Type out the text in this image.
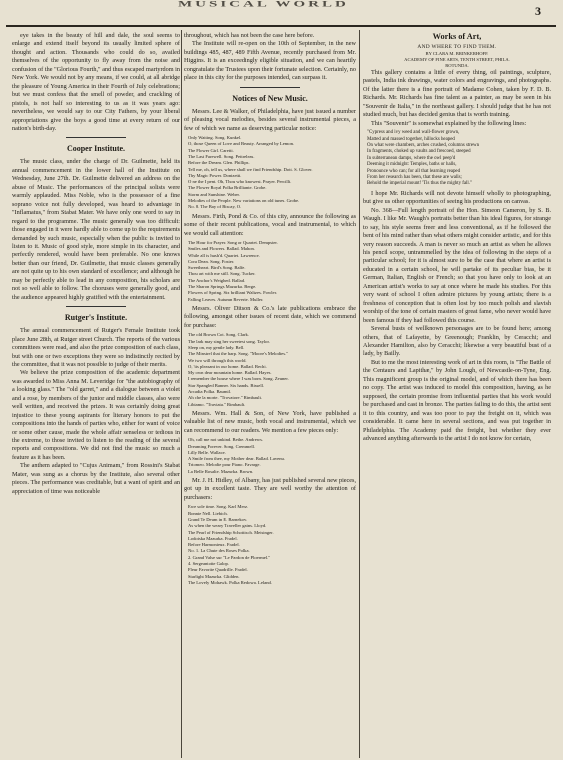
MUSICAL WORLD	3

eye takes in the beauty of hill and dale, the soul seems to enlarge and extend itself beyond its usually limited sphere of thought and action. Thousands who could do so, availed themselves of the opportunity to fly away from the noise and confusion of the "Glorious Fourth," and thus escaped martyrdom in New York. We would not by any means, if we could, at all abridge the pleasure of Young America in their Fourth of July celebrations; but we must confess that the smell of powder, and crackling of pistols, is not half so interesting to us as it was years ago: nevertheless, we would say to our City Fathers, by your liberal appropriations give the boys a good time at every return of our nation's birth-day.

Cooper Institute.

The music class, under the charge of Dr. Guilmette, held its annual commencement in the lower hall of the Institute on Wednesday, June 27th. Dr. Guilmette delivered an address on the abuse of Music. The performances of the principal solists were warmly applauded. Miss Noble, who is the possessor of a fine soprano voice not fully developed, was heard to advantage in "Inflamatus," from Stabat Mater. We have only one word to say in regard to the programme. The music generally was too difficult: those engaged in it were hardly able to come up to the requirements demanded by such music, especially when the public is invited to listen to it. Music of good style, more simple in its character, and perfectly rendered, would have been preferable. No one knows better than our friend, Dr. Guilmette, that music classes generally are not quite up to his own standard of excellence; and although he may be perfectly able to lead in any composition, his scholars are not so well able to follow. The choruses were generally good, and the audience appeared highly gratified with the entertainment.

Rutger's Institute.

The annual commencement of Rutger's Female Institute took place June 28th, at Rutger street Church. The reports of the various committees were read, and also the prize composition of each class, but with one or two exceptions they were so indistinctly recited by the committee, that it was not possible to judge of their merits.

We believe the prize composition of the academic department was awarded to Miss Anna M. Leveridge for "the autobiography of a looking glass." The "old garret," and a dialogue between a violet and a rose, by members of the junior and middle classes, also were well written, and received the prizes. It was certainly doing great injustice to these young aspirants for literary honors to put the compositions into the hands of parties who, either for want of voice or some other cause, made the whole affair senseless or tedious in the extreme, to those invited to listen to the reading of the several reports and compositions. We did not find the music so much a feature as it has been.

The anthem adapted to "Cujus Animam," from Rossini's Stabat Mater, was sung as a chorus by the Institute, also several other pieces. The performance was creditable, but a want of spirit and an appreciation of time was noticeable

throughout, which has not been the case here before.

The Institute will re-open on the 10th of September, in the new buildings 485, 487, 489 Fifth Avenue, recently purchased from Mr. Higgins. It is an exceedingly eligible situation, and we can heartily congratulate the Trustees upon their fortunate selection. Certainly, no place in this city for the purposes intended, can surpass it.

Notices of New Music.

Messrs. Lee & Walker, of Philadelphia, have just issued a number of pleasing vocal melodies, besides several instrumental pieces, a few of which we name as deserving particular notice:

Only Waiting. Song. Kunkel.
O, those Queen of Love and Beauty. Arranged by Lemon.
The Flower Girl. Caretti.
The Last Farewell. Song. Pettreleas.
Before the Dream. Glen. Phillips.
Tell me, oh, tell us, where shall we find Friendship. Dott. S. Glover.
Thy Magic Power. Donizetti.
O ne the I pent. Oh, Thou who knowest. Prayer. Percilli.
The Flower Royal Polka Brilliante. Grobe.
Storm and Sunshine. Weber.
Melodies of the People. New variations on old tunes. Grobe.
No. 8. The Bay of Biscay, O.

Messrs. Firth, Pond & Co. of this city, announce the following as some of their recent publications, vocal and instrumental, to which we would call attention:

The Hour for Prayer. Song or Quartet. Dempster.
Smiles and Flowers. Ballad. Mahon.
While all is hush'd. Quartet. Lawrence.
Cora Dean. Song. Foster.
Sweetheart. Bird's Song. Balfe.
Thou art with me still. Song. Tucker.
The Anchor's Weighed. Ballad.
The Sharon Springs Mazurka. Berge.
Flowers of Spring. Six brilliant Waltzes. Fowler.
Falling Leaves. Autumn Reverie. Muller.

Messrs. Oliver Ditson & Co.'s late publications embrace the following, amongst other issues of recent date, which we commend for purchase:

The old Brown Cot. Song. Clark.
The lark may sing her sweetest song. Taylor.
Sleep on, my gentle lady. Bell.
The Minstrel that the harp. Song. "Moore's Melodies."
We two will through this world.
O, 'tis pleasant in our home. Ballad. Bechi.
My own dear mountain home. Ballad. Hayes.
I remember the house where I was born. Song. Zeuner.
Star Spangled Banner. Six hands. Bissell.
Arcadia Polka. Baumil.
Ah che la morte. "Trovatore." Rimbault.
Libiamo. "Traviata." Rimbault.

Messrs. Wm. Hall & Son, of New York, have published a valuable list of new music, both vocal and instrumental, which we can recommend to our readers. We mention a few pieces only:

Oh, call me not unkind. Bethe. Andrews.
Dreaming Forever. Song. Cremmell.
Lilly Belle. Wallace.
A Smile from thee, my Mother dear. Ballad. Lavenu.
Triomeo. Melodie pour Piano. Favarge.
La Belle Rosalie. Mazurka. Brown.

Mr. J. H. Hidley, of Albany, has just published several new pieces, got up in excellent taste. They are well worthy the attention of purchasers:

Ewe sole time. Song. Karl Merz.
Bonnie Nell. Liebich.
Grand Te Deum in E. Barnekov.
As when the weary Traveller gains. Lloyd.
The Pearl of Friendship Schottisch. Meisinger.
Lodoiska Mazurka. Fradel.
Before Harmonieux. Fradel.
No. 1. La Chute des Roses Polka.
2. Grand Valse sur "Le Pardon de Ploermel."
4. Sergeantotte Galop.
Fleur Favorite Quadrille. Fradel.
Starlight Mazurka. Glidden.
The Lovely Mohawk. Polka Redowa. Leland.
Works of Art,
AND WHERE TO FIND THEM.
BY CLARA M. BRINKERHOFF.
ACADEMY OF FINE ARTS, TENTH STREET, PHILA.
ROTUNDA.

This gallery contains a little of every thing, oil paintings, sculpture, pastels, India ink drawings, water colors and engravings, and photographs. Of the latter there is a fine portrait of Madame Cohen, taken by F. D. B. Richards. Mr. Richards has fine talent as a painter, as may be seen in his "Souvenir de Italia," in the northeast gallery. I should judge that he has not studied much, but has decided genius that is worth training.

This "Souvenir" is somewhat explained by the following lines:

"Cypress and ivy weed and wall-flower grown,
Matted and massed together, hillocks heaped
On what were chambers, arches crushed, columns strewn
In fragments, choked up vaults and frescoed, steeped
In subterranean damps, where the owl peep'd
Deeming it midnight: Temples, baths or halls,
Pronounce who can; for all that learning reaped
From her research has been, that these are walls;
Behold the imperial mount! 'Tis thus the mighty fall."

I hope Mr. Richards will not devote himself wholly to photographing, but give us other opportunities of seeing his productions on canvas.

No. 368—Full length portrait of the Hon. Simeon Cameron, by S. B. Waugh. I like Mr. Waugh's portraits better than his ideal figures, for strange to say, his style seems freer and less conventional, as if he followed the bent of his mind rather than what others might consider artistic, and for this very reason succeeds. A man is never so much an artist as when he allows his pencil scope, untrammelled by the idea of following in the steps of a particular school; for it is almost sure to be the case that where an artist is educated in a certain school, he will partake of its peculiar bias, be it German, Italian, English or French; so that you have only to look at an American artist's works to say at once where he made his studies. For this very want of school I often admire pictures by young artists; there is a freshness of conception that is often lost by too much polish and slavish worship of the tone of certain masters of great fame, who never would have been famous if they had followed this course.

Several busts of wellknown personages are to be found here; among others, that of Lafayette, by Greenough; Franklin, by Ceracchi; and Alexander Hamilton, also by Ceracchi; likewise a very beautiful bust of a lady, by Bailly.

But to me the most interesting work of art in this room, is "The Battle of the Centaurs and Lapithæ," by John Lough, of Newcastle-on-Tyne, Eng. This magnificent group is the original model, and of which there has been no copy. The artist was induced to model this composition, having, as he supposed, the certain promise from influential parties that his work would be purchased and cast in bronze. The parties failing to do this, the artist sent it to this country, and was too poor to pay the freight on it, which was considerable. It came here in several sections, and was put together in Philadelphia. The Academy paid the freight, but whether they ever advanced anything afterwards to the artist I do not know for certain,
